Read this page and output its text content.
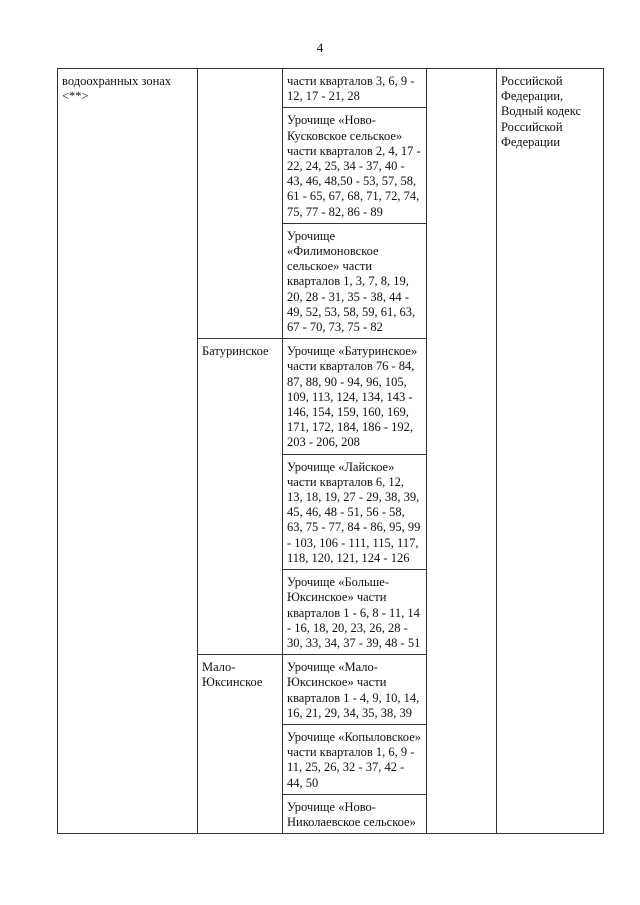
4
водоохранных зонах <**>		части кварталов 3, 6, 9 - 12, 17 - 21, 28		Российской Федерации, Водный кодекс Российской Федерации
		Урочище «Ново-Кусковское сельское» части кварталов 2, 4, 17 - 22, 24, 25, 34 - 37, 40 - 43, 46, 48,50 - 53, 57, 58, 61 - 65, 67, 68, 71, 72, 74, 75, 77 - 82, 86 - 89		
		Урочище «Филимоновское сельское» части кварталов 1, 3, 7, 8, 19, 20, 28 - 31, 35 - 38, 44 - 49, 52, 53, 58, 59, 61, 63, 67 - 70, 73, 75 - 82		
	Батуринское	Урочище «Батуринское» части кварталов 76 - 84, 87, 88, 90 - 94, 96, 105, 109, 113, 124, 134, 143 - 146, 154, 159, 160, 169, 171, 172, 184, 186 - 192, 203 - 206, 208		
		Урочище «Лайское» части кварталов 6, 12, 13, 18, 19, 27 - 29, 38, 39, 45, 46, 48 - 51, 56 - 58, 63, 75 - 77, 84 - 86, 95, 99 - 103, 106 - 111, 115, 117, 118, 120, 121, 124 - 126		
		Урочище «Больше-Юксинское» части кварталов 1 - 6, 8 - 11, 14 - 16, 18, 20, 23, 26, 28 - 30, 33, 34, 37 - 39, 48 - 51		
	Мало-Юксинское	Урочище «Мало-Юксинское» части кварталов 1 - 4, 9, 10, 14, 16, 21, 29, 34, 35, 38, 39		
		Урочище «Копыловское» части кварталов 1, 6, 9 - 11, 25, 26, 32 - 37, 42 - 44, 50		
		Урочище «Ново-Николаевское сельское»		
